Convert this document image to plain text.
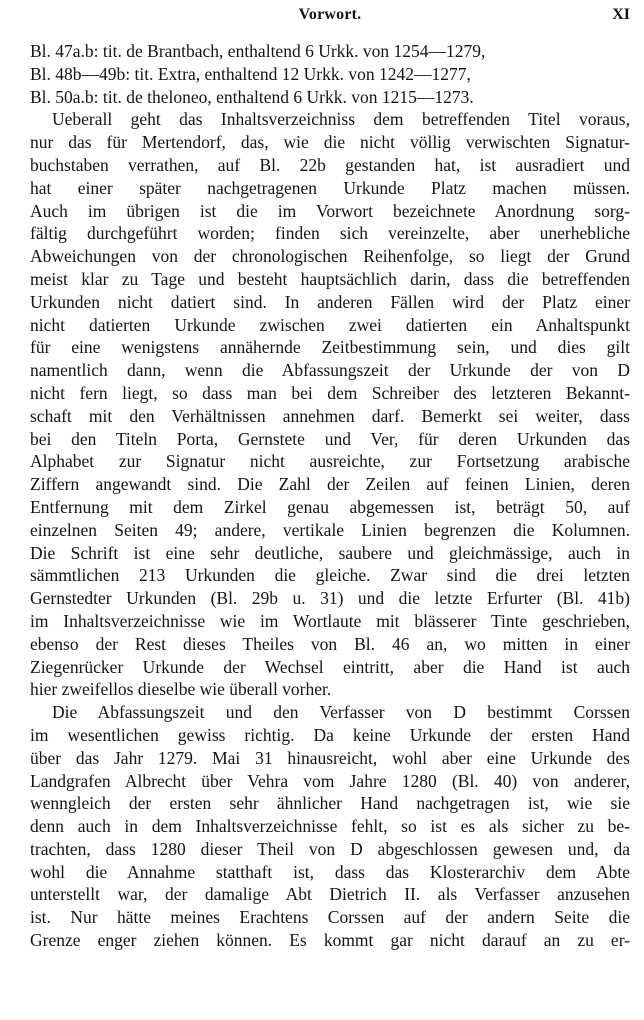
Vorwort.	XI
Bl. 47a.b: tit. de Brantbach, enthaltend 6 Urkk. von 1254—1279,
Bl. 48b—49b: tit. Extra, enthaltend 12 Urkk. von 1242—1277,
Bl. 50a.b: tit. de theloneo, enthaltend 6 Urkk. von 1215—1273.
Ueberall geht das Inhaltsverzeichniss dem betreffenden Titel voraus,
nur das für Mertendorf, das, wie die nicht völlig verwischten Signatur-
buchstaben verrathen, auf Bl. 22b gestanden hat, ist ausradiert und
hat einer später nachgetragenen Urkunde Platz machen müssen.
Auch im übrigen ist die im Vorwort bezeichnete Anordnung sorg-
fältig durchgeführt worden; finden sich vereinzelte, aber unerhebliche
Abweichungen von der chronologischen Reihenfolge, so liegt der Grund
meist klar zu Tage und besteht hauptsächlich darin, dass die betreffenden
Urkunden nicht datiert sind. In anderen Fällen wird der Platz einer
nicht datierten Urkunde zwischen zwei datierten ein Anhaltspunkt
für eine wenigstens annähernde Zeitbestimmung sein, und dies gilt
namentlich dann, wenn die Abfassungszeit der Urkunde der von D
nicht fern liegt, so dass man bei dem Schreiber des letzteren Bekannt-
schaft mit den Verhältnissen annehmen darf. Bemerkt sei weiter, dass
bei den Titeln Porta, Gernstete und Ver, für deren Urkunden das
Alphabet zur Signatur nicht ausreichte, zur Fortsetzung arabische
Ziffern angewandt sind. Die Zahl der Zeilen auf feinen Linien, deren
Entfernung mit dem Zirkel genau abgemessen ist, beträgt 50, auf
einzelnen Seiten 49; andere, vertikale Linien begrenzen die Kolumnen.
Die Schrift ist eine sehr deutliche, saubere und gleichmässige, auch in
sämmtlichen 213 Urkunden die gleiche. Zwar sind die drei letzten
Gernstedter Urkunden (Bl. 29b u. 31) und die letzte Erfurter (Bl. 41b)
im Inhaltsverzeichnisse wie im Wortlaute mit blässerer Tinte geschrieben,
ebenso der Rest dieses Theiles von Bl. 46 an, wo mitten in einer
Ziegenrücker Urkunde der Wechsel eintritt, aber die Hand ist auch
hier zweifellos dieselbe wie überall vorher.
Die Abfassungszeit und den Verfasser von D bestimmt Corssen
im wesentlichen gewiss richtig. Da keine Urkunde der ersten Hand
über das Jahr 1279. Mai 31 hinausreicht, wohl aber eine Urkunde des
Landgrafen Albrecht über Vehra vom Jahre 1280 (Bl. 40) von anderer,
wenngleich der ersten sehr ähnlicher Hand nachgetragen ist, wie sie
denn auch in dem Inhaltsverzeichnisse fehlt, so ist es als sicher zu be-
trachten, dass 1280 dieser Theil von D abgeschlossen gewesen und, da
wohl die Annahme statthaft ist, dass das Klosterarchiv dem Abte
unterstellt war, der damalige Abt Dietrich II. als Verfasser anzusehen
ist. Nur hätte meines Erachtens Corssen auf der andern Seite die
Grenze enger ziehen können. Es kommt gar nicht darauf an zu er-
